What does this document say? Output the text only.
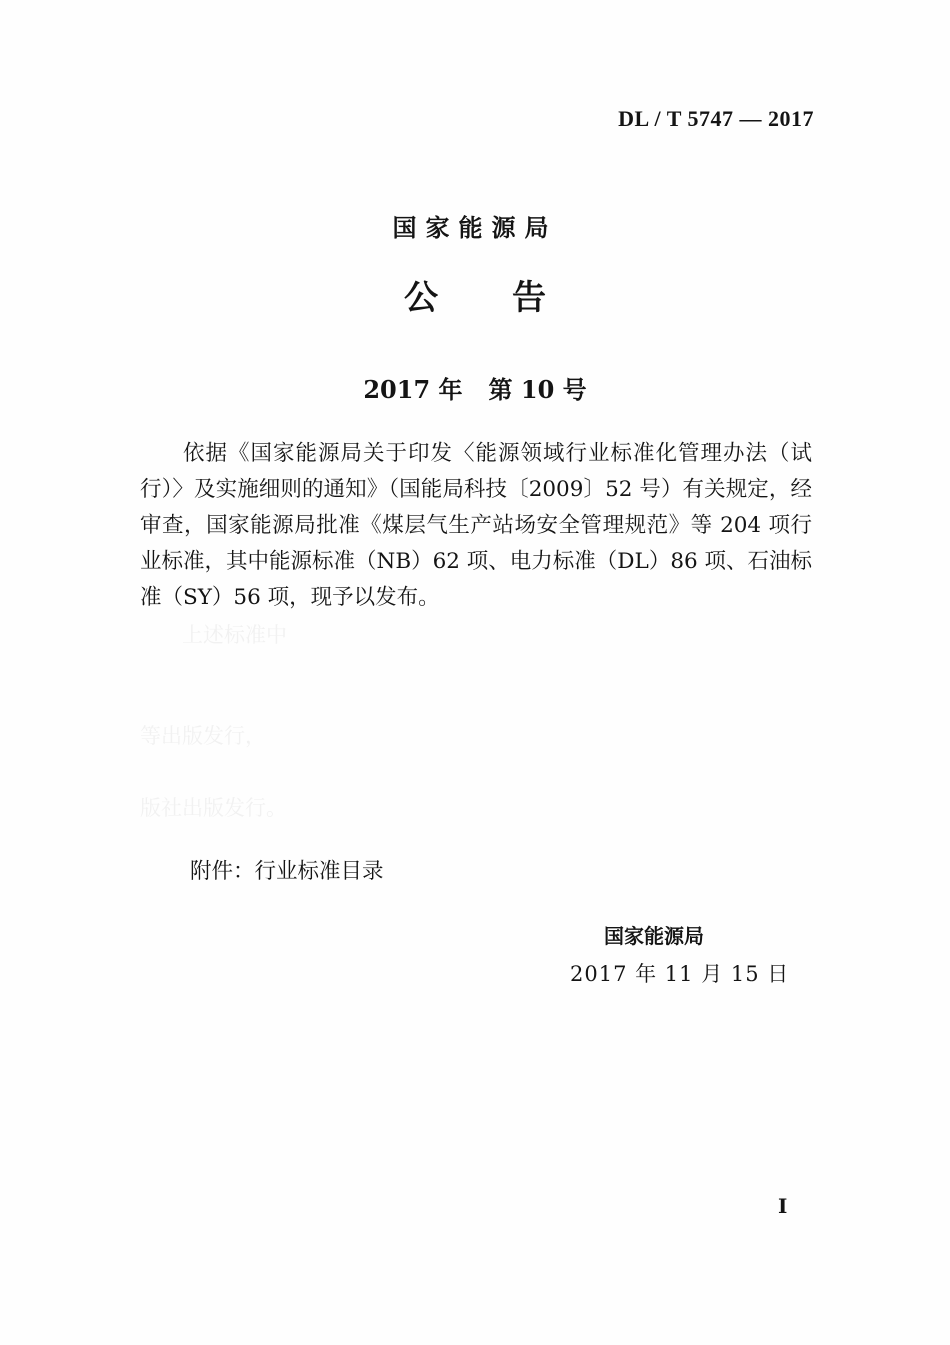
DL / T 5747 — 2017
国家能源局
公告
2017 年 第 10 号

依据《国家能源局关于印发〈能源领域行业标准化管理办法（试行）〉及实施细则的通知》（国能局科技〔2009〕52 号）有关规定，经审查，国家能源局批准《煤层气生产站场安全管理规范》等 204 项行业标准，其中能源标准（NB）62 项、电力标准（DL）86 项、石油标准（SY）56 项，现予以发布。

上述标准中

等出版发行，

版社出版发行。

附件：行业标准目录
国家能源局
2017 年 11 月 15 日
I
